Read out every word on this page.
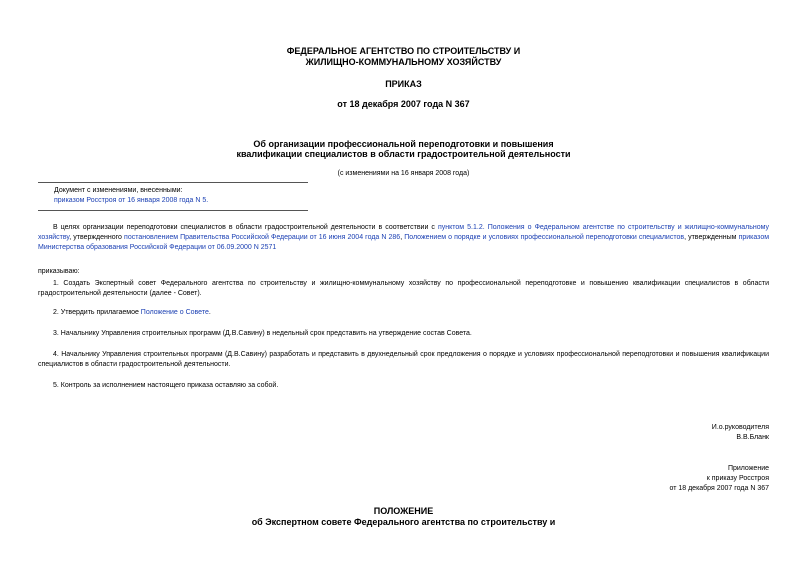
ФЕДЕРАЛЬНОЕ АГЕНТСТВО ПО СТРОИТЕЛЬСТВУ И
ЖИЛИЩНО-КОММУНАЛЬНОМУ ХОЗЯЙСТВУ
ПРИКАЗ
от 18 декабря 2007 года N 367
Об организации профессиональной переподготовки и повышения
квалификации специалистов в области градостроительной деятельности
(с изменениями на 16 января 2008 года)
Документ с изменениями, внесенными:
приказом Росстроя от 16 января 2008 года N 5.
В целях организации переподготовки специалистов в области градостроительной деятельности в соответствии с пунктом 5.1.2. Положения о Федеральном агентстве по строительству и жилищно-коммунальному хозяйству, утвержденного постановлением Правительства Российской Федерации от 16 июня 2004 года N 286, Положением о порядке и условиях профессиональной переподготовки специалистов, утвержденным приказом Министерства образования Российской Федерации от 06.09.2000 N 2571
приказываю:
1. Создать Экспертный совет Федерального агентства по строительству и жилищно-коммунальному хозяйству по профессиональной переподготовке и повышению квалификации специалистов в области градостроительной деятельности (далее - Совет).
2. Утвердить прилагаемое Положение о Совете.
3. Начальнику Управления строительных программ (Д.В.Савину) в недельный срок представить на утверждение состав Совета.
4. Начальнику Управления строительных программ (Д.В.Савину) разработать и представить в двухнедельный срок предложения о порядке и условиях профессиональной переподготовки и повышения квалификации специалистов в области градостроительной деятельности.
5. Контроль за исполнением настоящего приказа оставляю за собой.
И.о.руководителя
В.В.Бланк
Приложение
к приказу Росстроя
от 18 декабря 2007 года N 367
ПОЛОЖЕНИЕ
об Экспертном совете Федерального агентства по строительству и
